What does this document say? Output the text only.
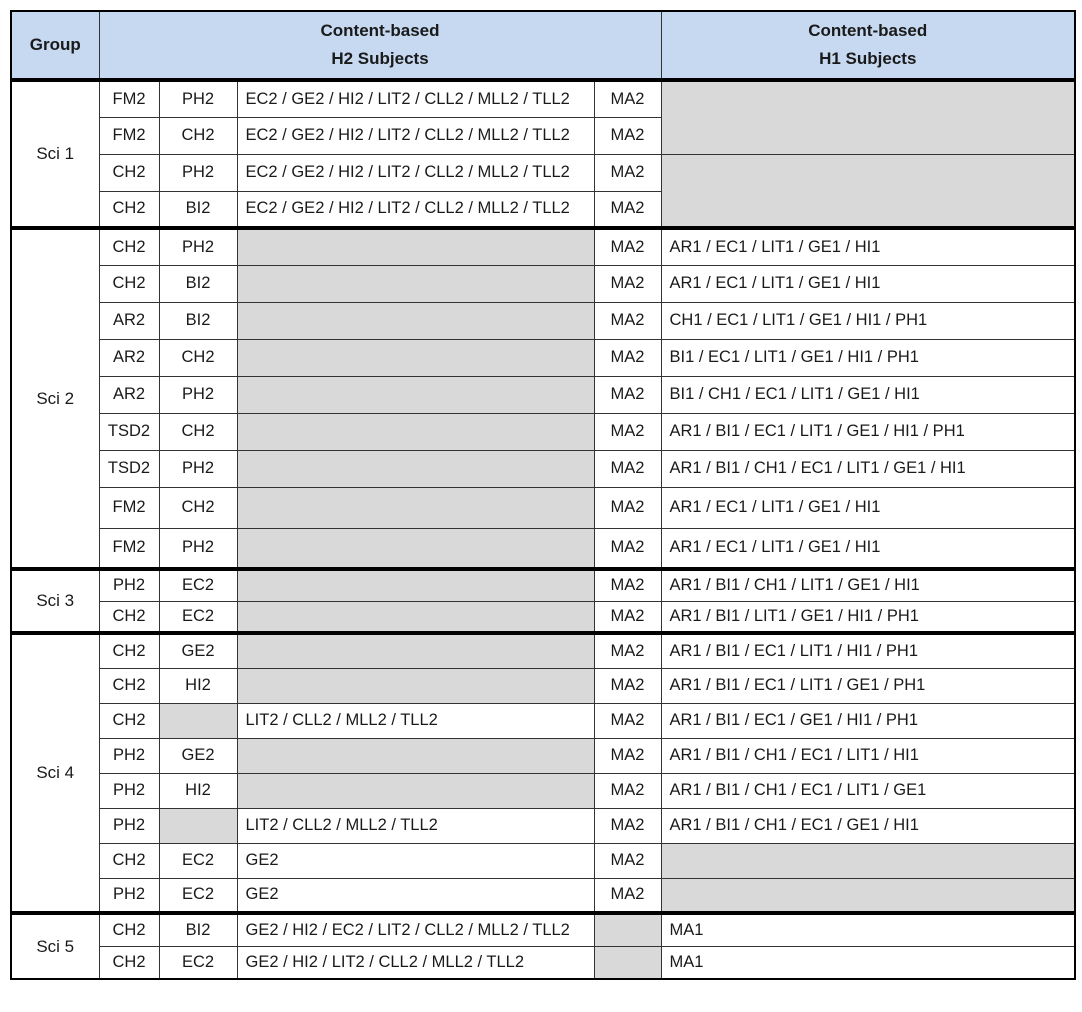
Group	Content-based
H2 Subjects				Content-based
H1 Subjects
Sci 1	FM2	PH2	EC2 / GE2 / HI2 / LIT2 / CLL2 / MLL2 / TLL2	MA2	
	FM2	CH2	EC2 / GE2 / HI2 / LIT2 / CLL2 / MLL2 / TLL2	MA2	
	CH2	PH2	EC2 / GE2 / HI2 / LIT2 / CLL2 / MLL2 / TLL2	MA2	
	CH2	BI2	EC2 / GE2 / HI2 / LIT2 / CLL2 / MLL2 / TLL2	MA2	
Sci 2	CH2	PH2		MA2	AR1 / EC1 / LIT1 / GE1 / HI1
	CH2	BI2		MA2	AR1 / EC1 / LIT1 / GE1 / HI1
	AR2	BI2		MA2	CH1 / EC1 / LIT1 / GE1 / HI1 / PH1
	AR2	CH2		MA2	BI1 / EC1 / LIT1 / GE1 / HI1 / PH1
	AR2	PH2		MA2	BI1 / CH1 / EC1 / LIT1 / GE1 / HI1
	TSD2	CH2		MA2	AR1 / BI1 / EC1 / LIT1 / GE1 / HI1 / PH1
	TSD2	PH2		MA2	AR1 / BI1 / CH1 / EC1 / LIT1 / GE1 / HI1
	FM2	CH2		MA2	AR1 / EC1 / LIT1 / GE1 / HI1
	FM2	PH2		MA2	AR1 / EC1 / LIT1 / GE1 / HI1
Sci 3	PH2	EC2		MA2	AR1 / BI1 / CH1 / LIT1 / GE1 / HI1
	CH2	EC2		MA2	AR1 / BI1 / LIT1 / GE1 / HI1 / PH1
Sci 4	CH2	GE2		MA2	AR1 / BI1 / EC1 / LIT1 / HI1 / PH1
	CH2	HI2		MA2	AR1 / BI1 / EC1 / LIT1 / GE1 / PH1
	CH2		LIT2 / CLL2 / MLL2 / TLL2	MA2	AR1 / BI1 / EC1 / GE1 / HI1 / PH1
	PH2	GE2		MA2	AR1 / BI1 / CH1 / EC1 / LIT1 / HI1
	PH2	HI2		MA2	AR1 / BI1 / CH1 / EC1 / LIT1 / GE1
	PH2		LIT2 / CLL2 / MLL2 / TLL2	MA2	AR1 / BI1 / CH1 / EC1 / GE1 / HI1
	CH2	EC2	GE2	MA2	
	PH2	EC2	GE2	MA2	
Sci 5	CH2	BI2	GE2 / HI2 / EC2 / LIT2 / CLL2 / MLL2 / TLL2		MA1
	CH2	EC2	GE2 / HI2 / LIT2 / CLL2 / MLL2 / TLL2		MA1
